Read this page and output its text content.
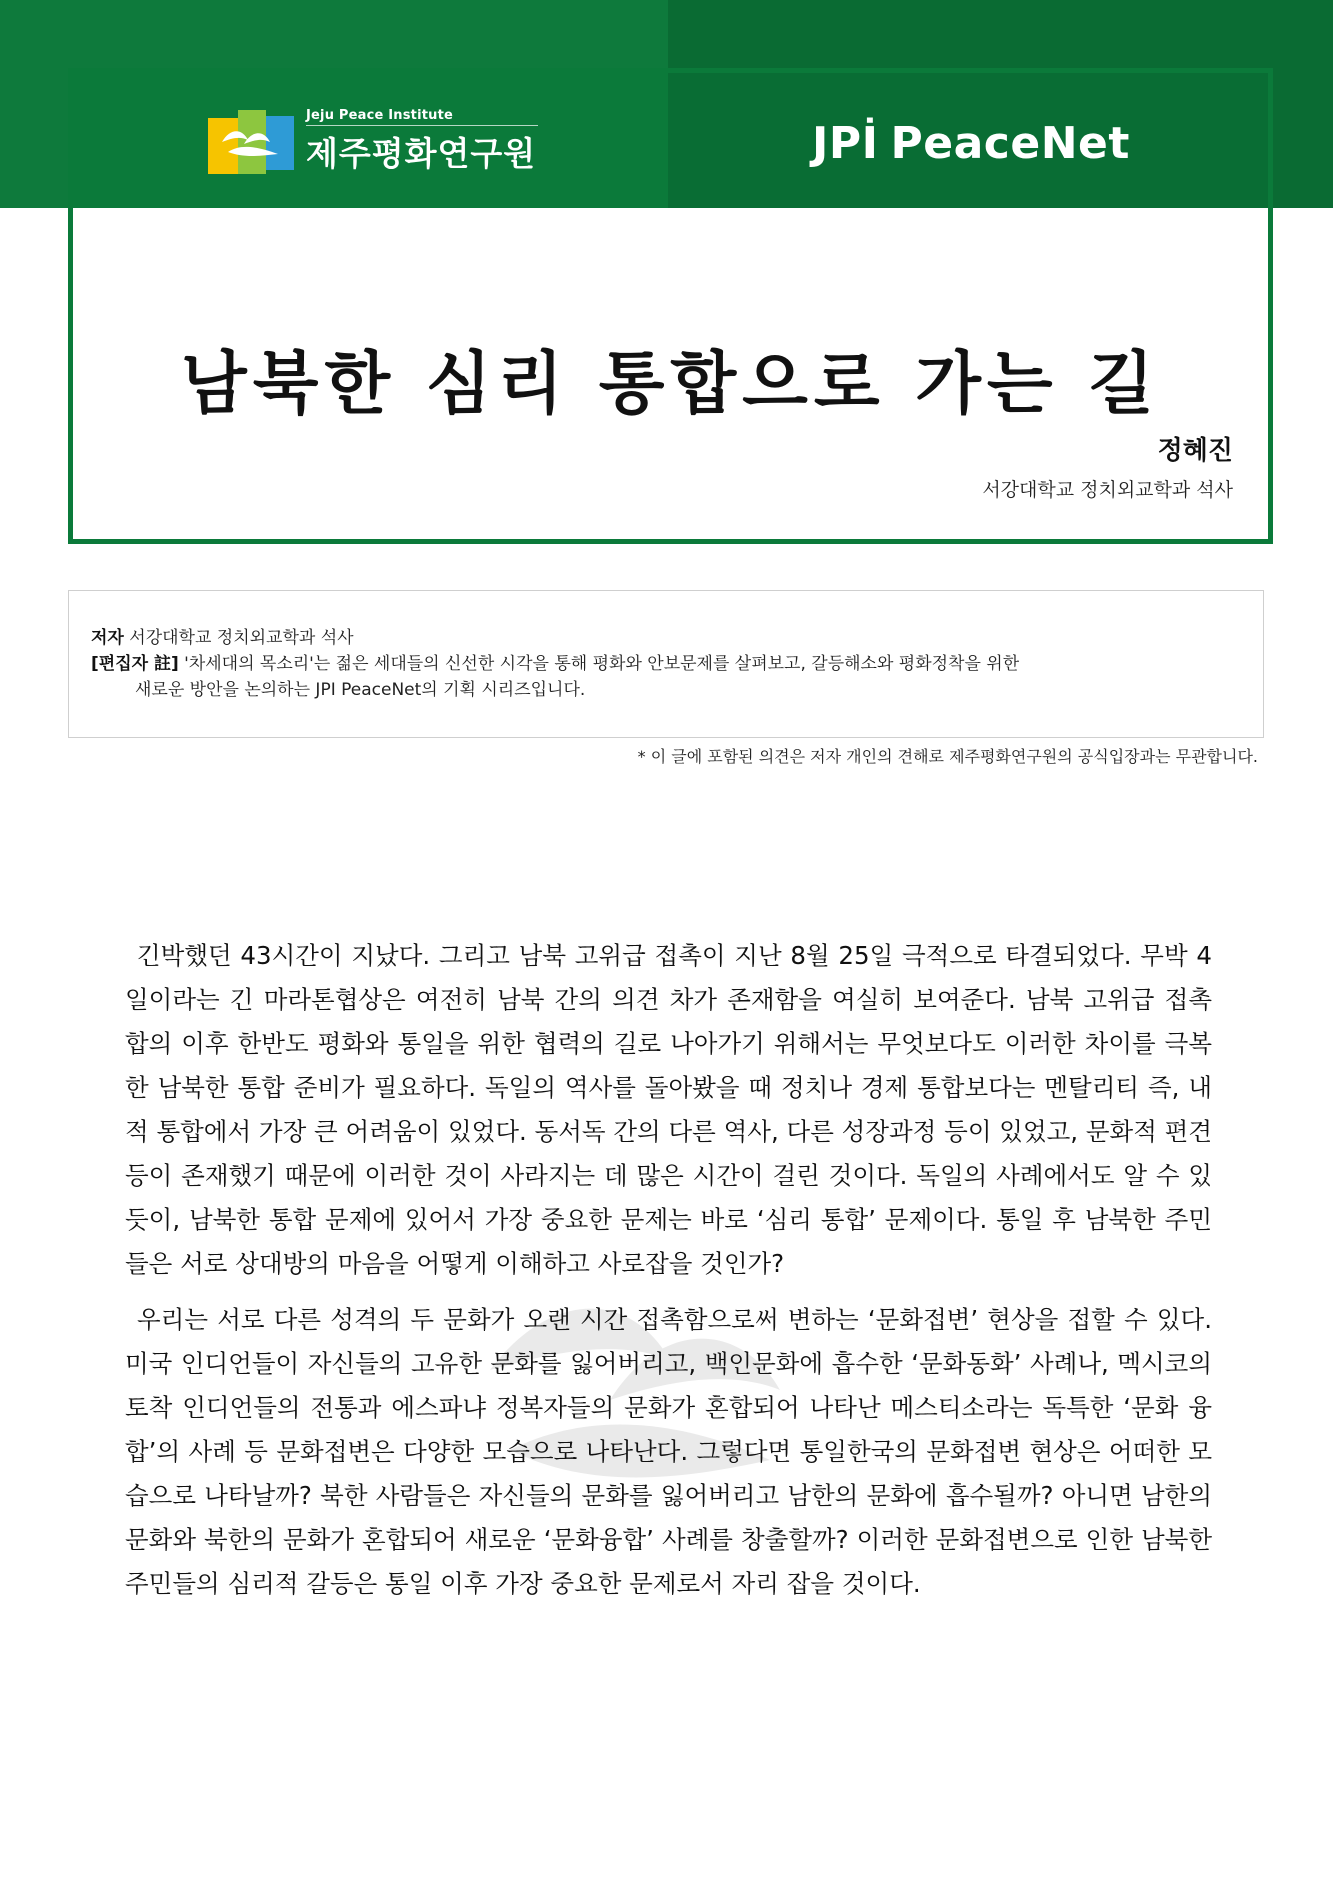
Jeju Peace Institute
제주평화연구원	JPİ PeaceNet
남북한 심리 통합으로 가는 길
정혜진
서강대학교 정치외교학과 석사
저자 서강대학교 정치외교학과 석사
[편집자 註] '차세대의 목소리'는 젊은 세대들의 신선한 시각을 통해 평화와 안보문제를 살펴보고, 갈등해소와 평화정착을 위한
새로운 방안을 논의하는 JPI PeaceNet의 기획 시리즈입니다.
* 이 글에 포함된 의견은 저자 개인의 견해로 제주평화연구원의 공식입장과는 무관합니다.

긴박했던 43시간이 지났다. 그리고 남북 고위급 접촉이 지난 8월 25일 극적으로 타결되었다. 무박 4일이라는 긴 마라톤협상은 여전히 남북 간의 의견 차가 존재함을 여실히 보여준다. 남북 고위급 접촉 합의 이후 한반도 평화와 통일을 위한 협력의 길로 나아가기 위해서는 무엇보다도 이러한 차이를 극복한 남북한 통합 준비가 필요하다. 독일의 역사를 돌아봤을 때 정치나 경제 통합보다는 멘탈리티 즉, 내적 통합에서 가장 큰 어려움이 있었다. 동서독 간의 다른 역사, 다른 성장과정 등이 있었고, 문화적 편견 등이 존재했기 때문에 이러한 것이 사라지는 데 많은 시간이 걸린 것이다. 독일의 사례에서도 알 수 있듯이, 남북한 통합 문제에 있어서 가장 중요한 문제는 바로 ‘심리 통합’ 문제이다. 통일 후 남북한 주민들은 서로 상대방의 마음을 어떻게 이해하고 사로잡을 것인가?

우리는 서로 다른 성격의 두 문화가 오랜 시간 접촉함으로써 변하는 ‘문화접변’ 현상을 접할 수 있다. 미국 인디언들이 자신들의 고유한 문화를 잃어버리고, 백인문화에 흡수한 ‘문화동화’ 사례나, 멕시코의 토착 인디언들의 전통과 에스파냐 정복자들의 문화가 혼합되어 나타난 메스티소라는 독특한 ‘문화 융합’의 사례 등 문화접변은 다양한 모습으로 나타난다. 그렇다면 통일한국의 문화접변 현상은 어떠한 모습으로 나타날까? 북한 사람들은 자신들의 문화를 잃어버리고 남한의 문화에 흡수될까? 아니면 남한의 문화와 북한의 문화가 혼합되어 새로운 ‘문화융합’ 사례를 창출할까? 이러한 문화접변으로 인한 남북한 주민들의 심리적 갈등은 통일 이후 가장 중요한 문제로서 자리 잡을 것이다.
